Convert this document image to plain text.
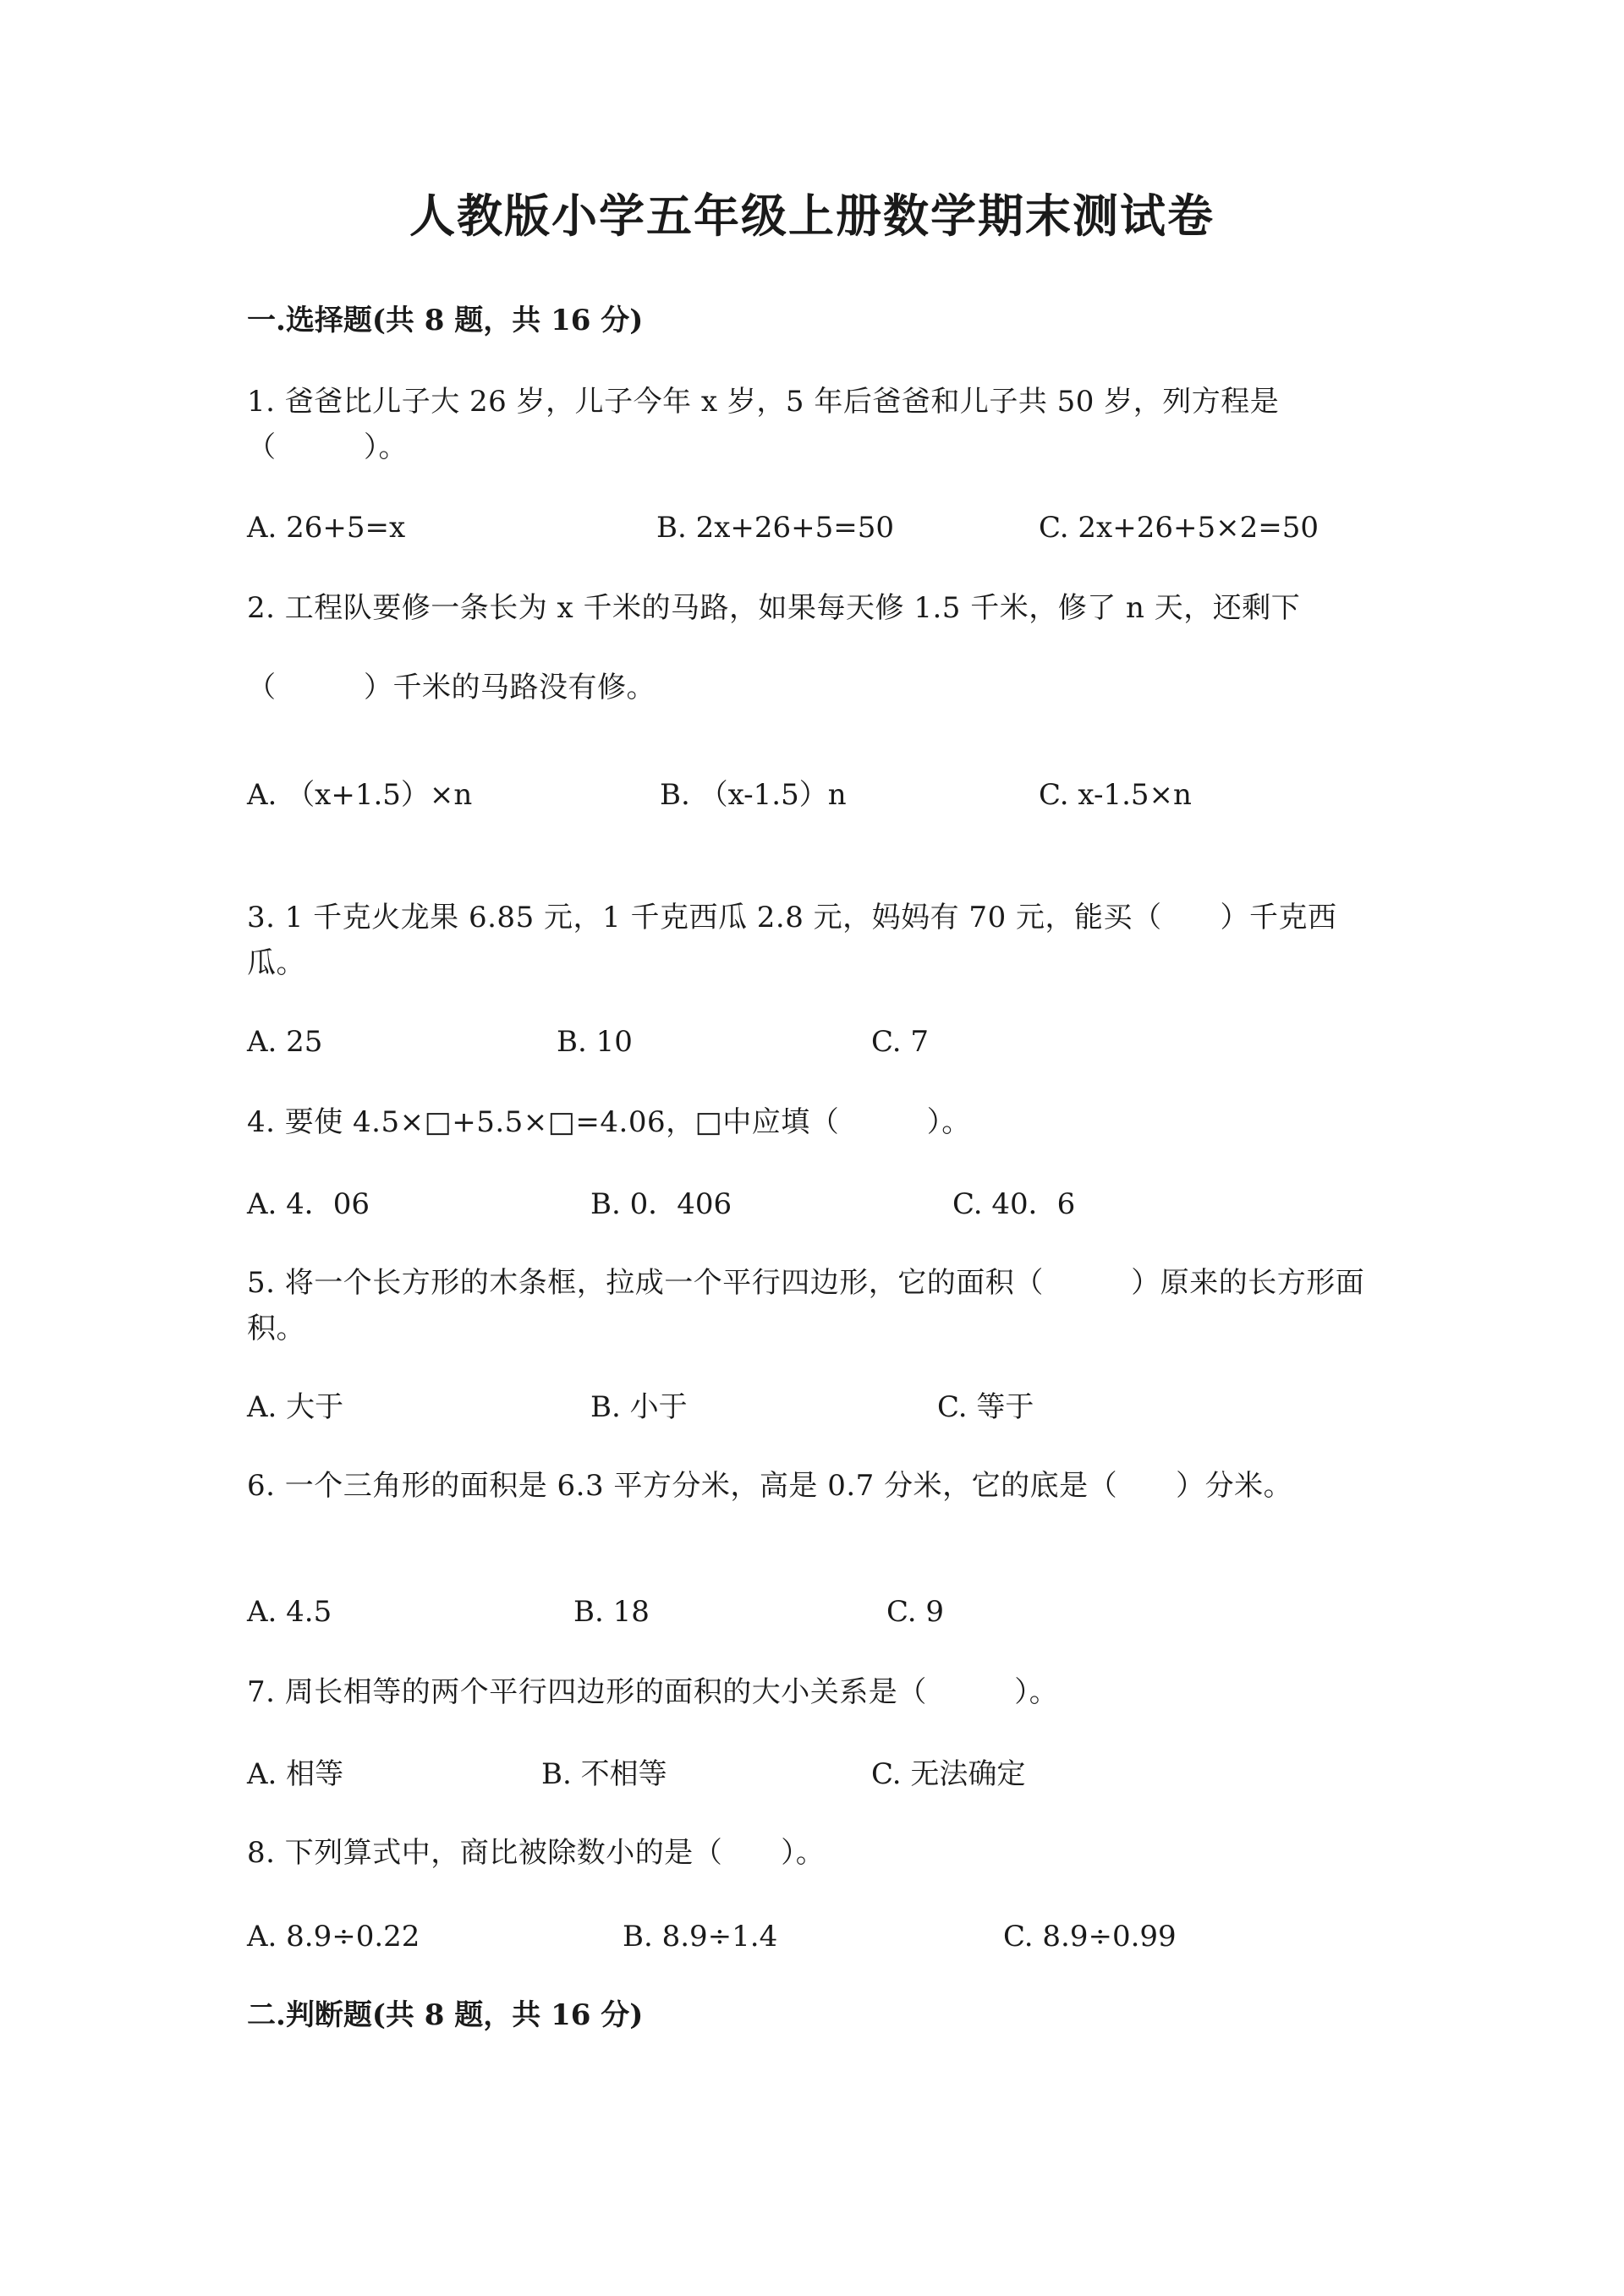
人教版小学五年级上册数学期末测试卷
一.选择题(共 8 题，共 16 分)
1. 爸爸比儿子大 26 岁，儿子今年 x 岁，5 年后爸爸和儿子共 50 岁，列方程是（　　　）。
A. 26+5=x	B. 2x+26+5=50	C. 2x+26+5×2=50
2. 工程队要修一条长为 x 千米的马路，如果每天修 1.5 千米，修了 n 天，还剩下（　　　）千米的马路没有修。
A. （x+1.5）×n	B. （x-1.5）n	C. x-1.5×n
3. 1 千克火龙果 6.85 元，1 千克西瓜 2.8 元，妈妈有 70 元，能买（　　）千克西瓜。
A. 25	B. 10	C. 7
4. 要使 4.5×□+5.5×□=4.06，□中应填（　　　）。
A. 4．06	B. 0．406	C. 40．6
5. 将一个长方形的木条框，拉成一个平行四边形，它的面积（　　　）原来的长方形面积。
A. 大于	B. 小于	C. 等于
6. 一个三角形的面积是 6.3 平方分米，高是 0.7 分米，它的底是（　　）分米。
A. 4.5	B. 18	C. 9
7. 周长相等的两个平行四边形的面积的大小关系是（　　　）。
A. 相等	B. 不相等	C. 无法确定
8. 下列算式中，商比被除数小的是（　　）。
A. 8.9÷0.22	B. 8.9÷1.4	C. 8.9÷0.99
二.判断题(共 8 题，共 16 分)
